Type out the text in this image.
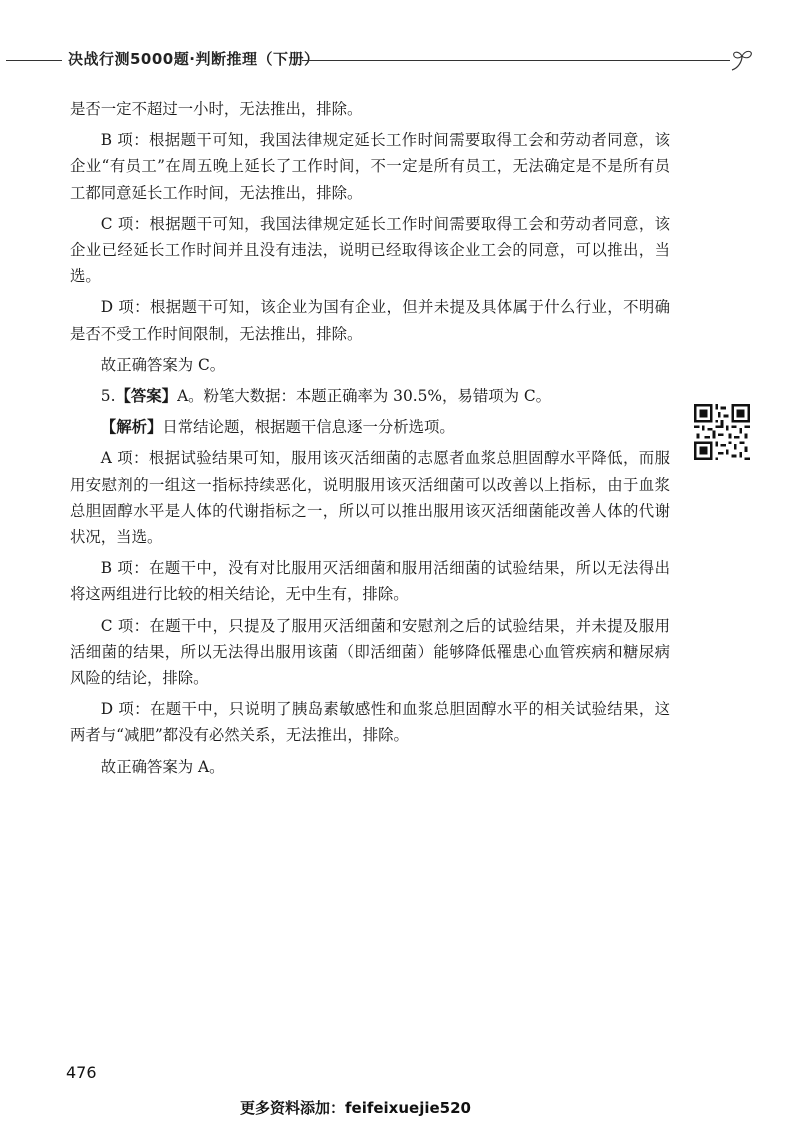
决战行测5000题·判断推理（下册）

是否一定不超过一小时，无法推出，排除。

B 项：根据题干可知，我国法律规定延长工作时间需要取得工会和劳动者同意，该企业“有员工”在周五晚上延长了工作时间，不一定是所有员工，无法确定是不是所有员工都同意延长工作时间，无法推出，排除。

C 项：根据题干可知，我国法律规定延长工作时间需要取得工会和劳动者同意，该企业已经延长工作时间并且没有违法，说明已经取得该企业工会的同意，可以推出，当选。

D 项：根据题干可知，该企业为国有企业，但并未提及具体属于什么行业，不明确是否不受工作时间限制，无法推出，排除。

故正确答案为 C。

5.【答案】A。粉笔大数据：本题正确率为 30.5%，易错项为 C。

【解析】日常结论题，根据题干信息逐一分析选项。

A 项：根据试验结果可知，服用该灭活细菌的志愿者血浆总胆固醇水平降低，而服用安慰剂的一组这一指标持续恶化，说明服用该灭活细菌可以改善以上指标，由于血浆总胆固醇水平是人体的代谢指标之一，所以可以推出服用该灭活细菌能改善人体的代谢状况，当选。

B 项：在题干中，没有对比服用灭活细菌和服用活细菌的试验结果，所以无法得出将这两组进行比较的相关结论，无中生有，排除。

C 项：在题干中，只提及了服用灭活细菌和安慰剂之后的试验结果，并未提及服用活细菌的结果，所以无法得出服用该菌（即活细菌）能够降低罹患心血管疾病和糖尿病风险的结论，排除。

D 项：在题干中，只说明了胰岛素敏感性和血浆总胆固醇水平的相关试验结果，这两者与“减肥”都没有必然关系，无法推出，排除。

故正确答案为 A。

476
更多资料添加：feifeixuejie520
